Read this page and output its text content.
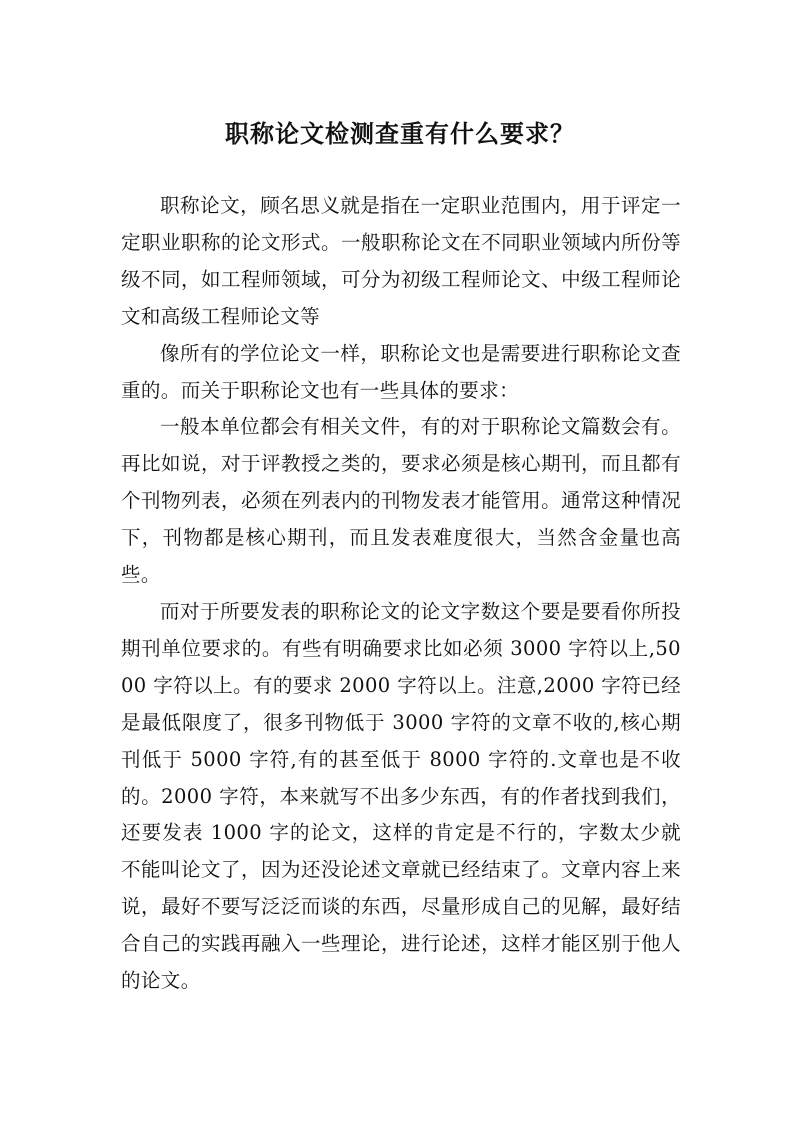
职称论文检测查重有什么要求？

职称论文，顾名思义就是指在一定职业范围内，用于评定一定职业职称的论文形式。一般职称论文在不同职业领域内所份等级不同，如工程师领域，可分为初级工程师论文、中级工程师论文和高级工程师论文等

像所有的学位论文一样，职称论文也是需要进行职称论文查重的。而关于职称论文也有一些具体的要求：

一般本单位都会有相关文件，有的对于职称论文篇数会有。再比如说，对于评教授之类的，要求必须是核心期刊，而且都有个刊物列表，必须在列表内的刊物发表才能管用。通常这种情况下，刊物都是核心期刊，而且发表难度很大，当然含金量也高些。

而对于所要发表的职称论文的论文字数这个要是要看你所投期刊单位要求的。有些有明确要求比如必须 3000 字符以上,5000 字符以上。有的要求 2000 字符以上。注意,2000 字符已经是最低限度了，很多刊物低于 3000 字符的文章不收的,核心期刊低于 5000 字符,有的甚至低于 8000 字符的.文章也是不收的。2000 字符，本来就写不出多少东西，有的作者找到我们，还要发表 1000 字的论文，这样的肯定是不行的，字数太少就不能叫论文了，因为还没论述文章就已经结束了。文章内容上来说，最好不要写泛泛而谈的东西，尽量形成自己的见解，最好结合自己的实践再融入一些理论，进行论述，这样才能区别于他人的论文。
